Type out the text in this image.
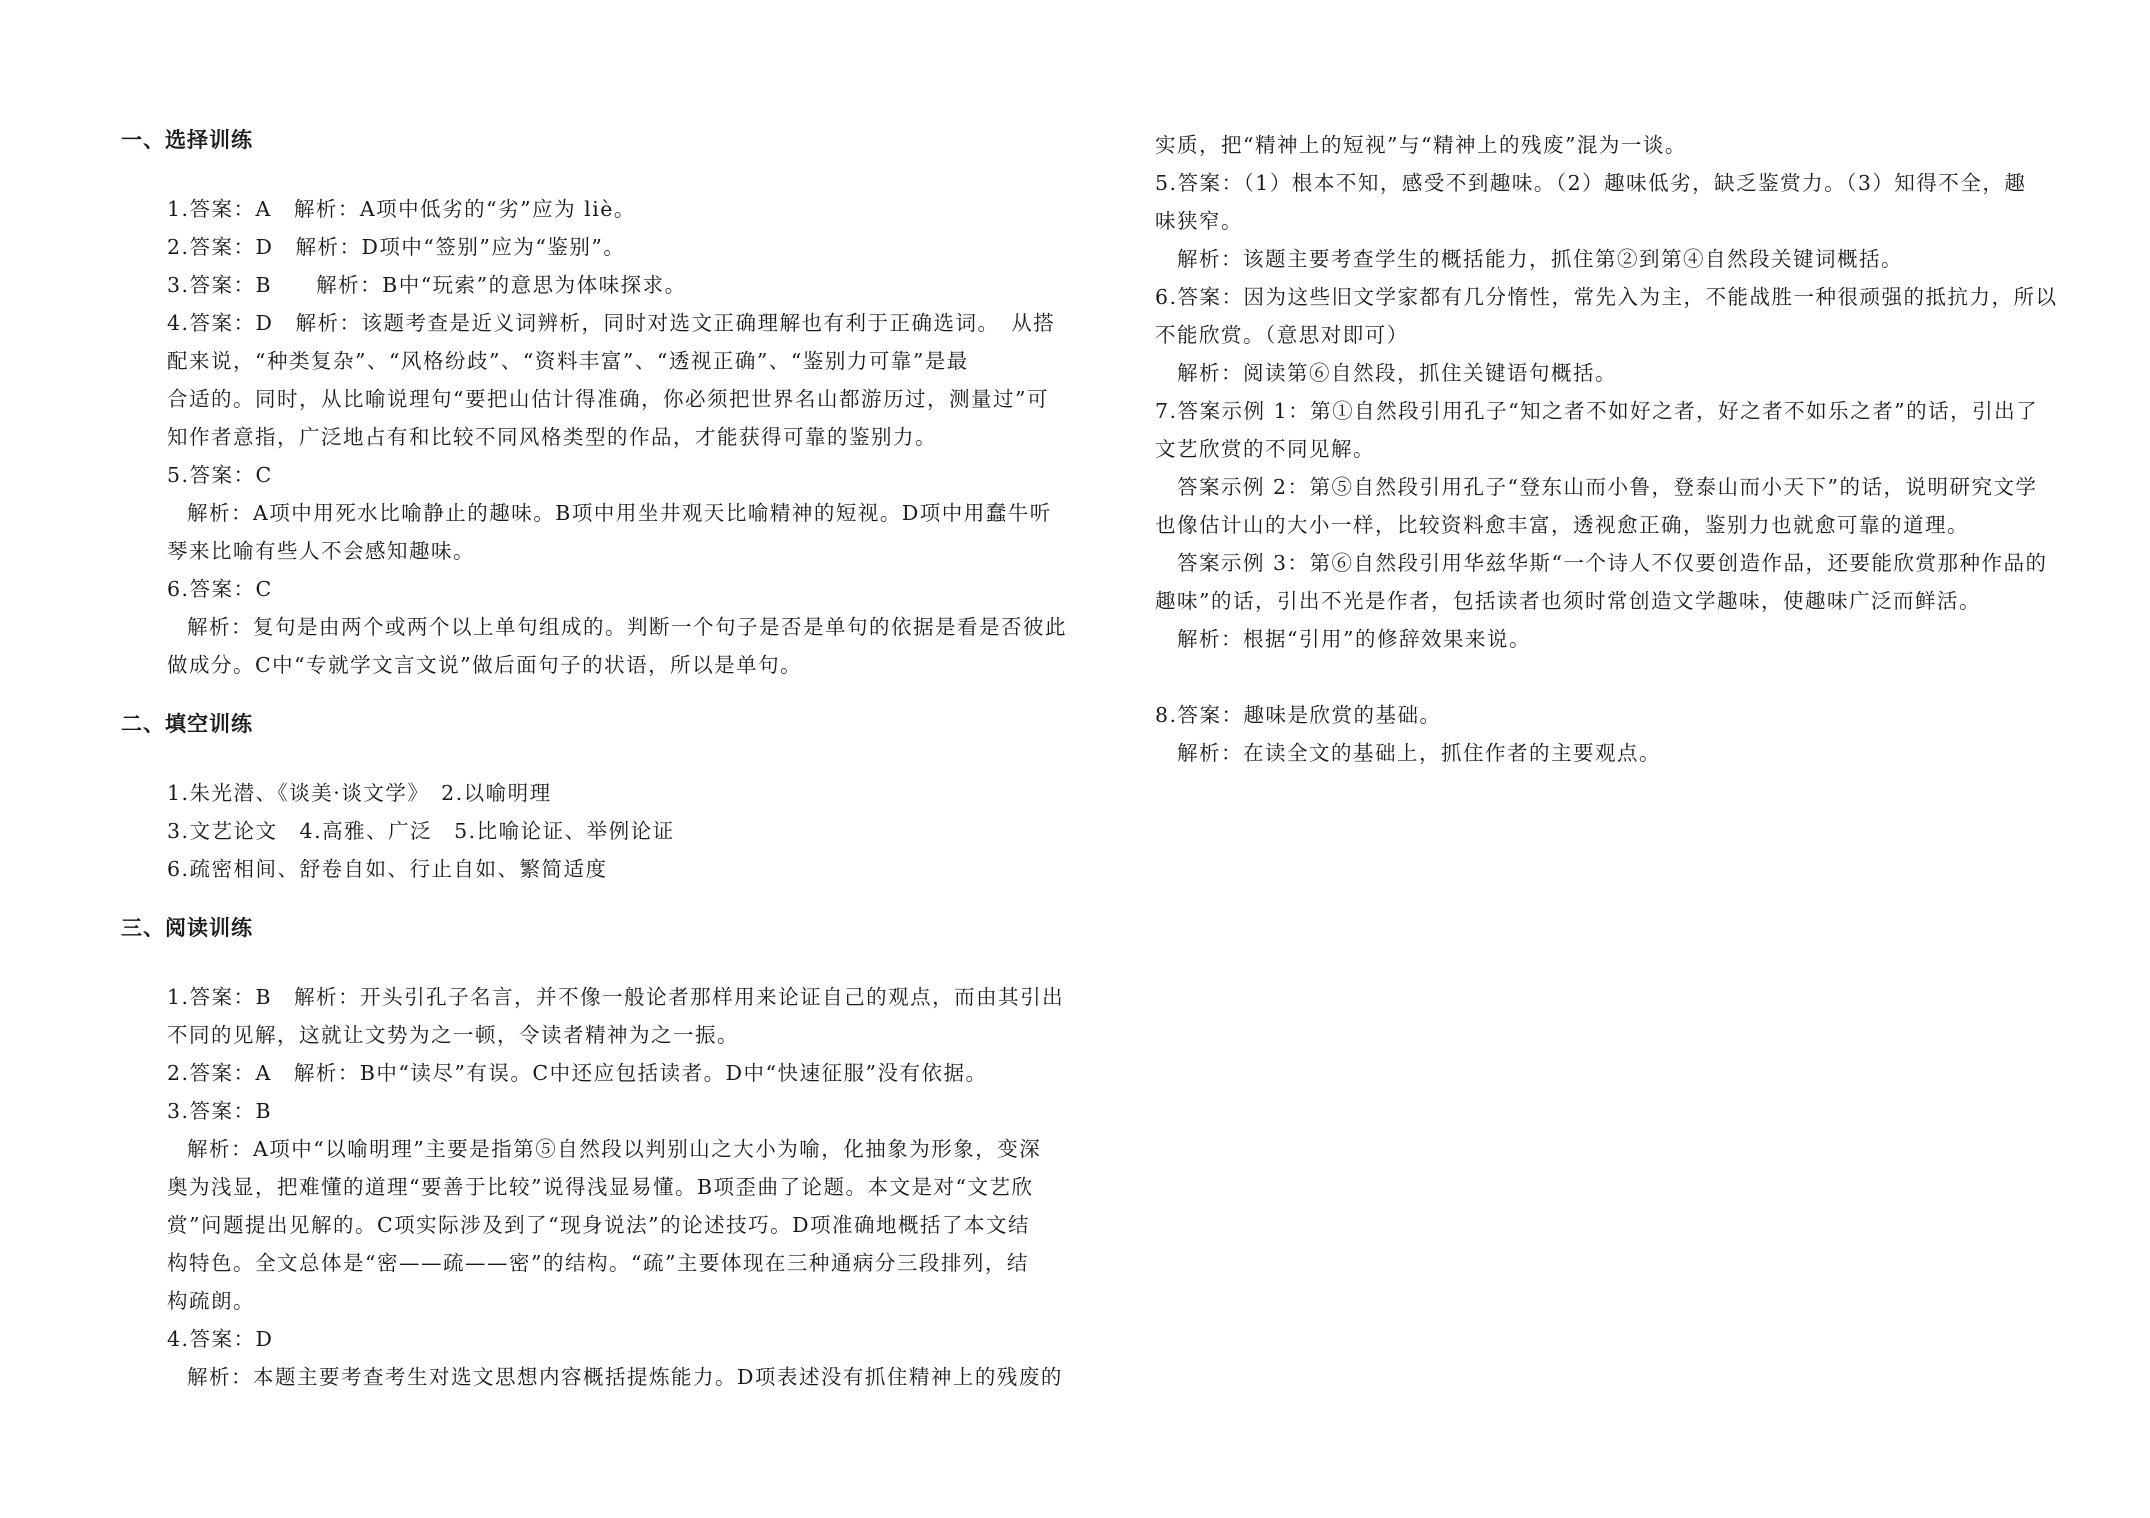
一、选择训练
1.答案：A　解析：A项中低劣的“劣”应为 liè。
2.答案：D　解析：D项中“签别”应为“鉴别”。
3.答案：B　　解析：B中“玩索”的意思为体味探求。
4.答案：D　解析：该题考查是近义词辨析，同时对选文正确理解也有利于正确选词。　从搭
配来说，“种类复杂”、“风格纷歧”、“资料丰富”、“透视正确”、“鉴别力可靠”是最
合适的。同时，从比喻说理句“要把山估计得准确，你必须把世界名山都游历过，测量过”可
知作者意指，广泛地占有和比较不同风格类型的作品，才能获得可靠的鉴别力。
5.答案：C
解析：A项中用死水比喻静止的趣味。B项中用坐井观天比喻精神的短视。D项中用蠢牛听
琴来比喻有些人不会感知趣味。
6.答案：C
解析：复句是由两个或两个以上单句组成的。判断一个句子是否是单句的依据是看是否彼此
做成分。C中“专就学文言文说”做后面句子的状语，所以是单句。
二、填空训练
1.朱光潜、《谈美·谈文学》　2.以喻明理
3.文艺论文　4.高雅、广泛　5.比喻论证、举例论证
6.疏密相间、舒卷自如、行止自如、繁简适度
三、阅读训练
1.答案：B　解析：开头引孔子名言，并不像一般论者那样用来论证自己的观点，而由其引出
不同的见解，这就让文势为之一顿，令读者精神为之一振。
2.答案：A　解析：B中“读尽”有误。C中还应包括读者。D中“快速征服”没有依据。
3.答案：B
解析：A项中“以喻明理”主要是指第⑤自然段以判别山之大小为喻，化抽象为形象，变深
奥为浅显，把难懂的道理“要善于比较”说得浅显易懂。B项歪曲了论题。本文是对“文艺欣
赏”问题提出见解的。C项实际涉及到了“现身说法”的论述技巧。D项准确地概括了本文结
构特色。全文总体是“密——疏——密”的结构。“疏”主要体现在三种通病分三段排列，结
构疏朗。
4.答案：D
解析：本题主要考查考生对选文思想内容概括提炼能力。D项表述没有抓住精神上的残废的
实质，把“精神上的短视”与“精神上的残废”混为一谈。
5.答案：（1）根本不知，感受不到趣味。（2）趣味低劣，缺乏鉴赏力。（3）知得不全，趣
味狭窄。
解析：该题主要考查学生的概括能力，抓住第②到第④自然段关键词概括。
6.答案：因为这些旧文学家都有几分惰性，常先入为主，不能战胜一种很顽强的抵抗力，所以
不能欣赏。（意思对即可）
解析：阅读第⑥自然段，抓住关键语句概括。
7.答案示例 1：第①自然段引用孔子“知之者不如好之者，好之者不如乐之者”的话，引出了
文艺欣赏的不同见解。
答案示例 2：第⑤自然段引用孔子“登东山而小鲁，登泰山而小天下”的话，说明研究文学
也像估计山的大小一样，比较资料愈丰富，透视愈正确，鉴别力也就愈可靠的道理。
答案示例 3：第⑥自然段引用华兹华斯“一个诗人不仅要创造作品，还要能欣赏那种作品的
趣味”的话，引出不光是作者，包括读者也须时常创造文学趣味，使趣味广泛而鲜活。
解析：根据“引用”的修辞效果来说。
8.答案：趣味是欣赏的基础。
解析：在读全文的基础上，抓住作者的主要观点。
